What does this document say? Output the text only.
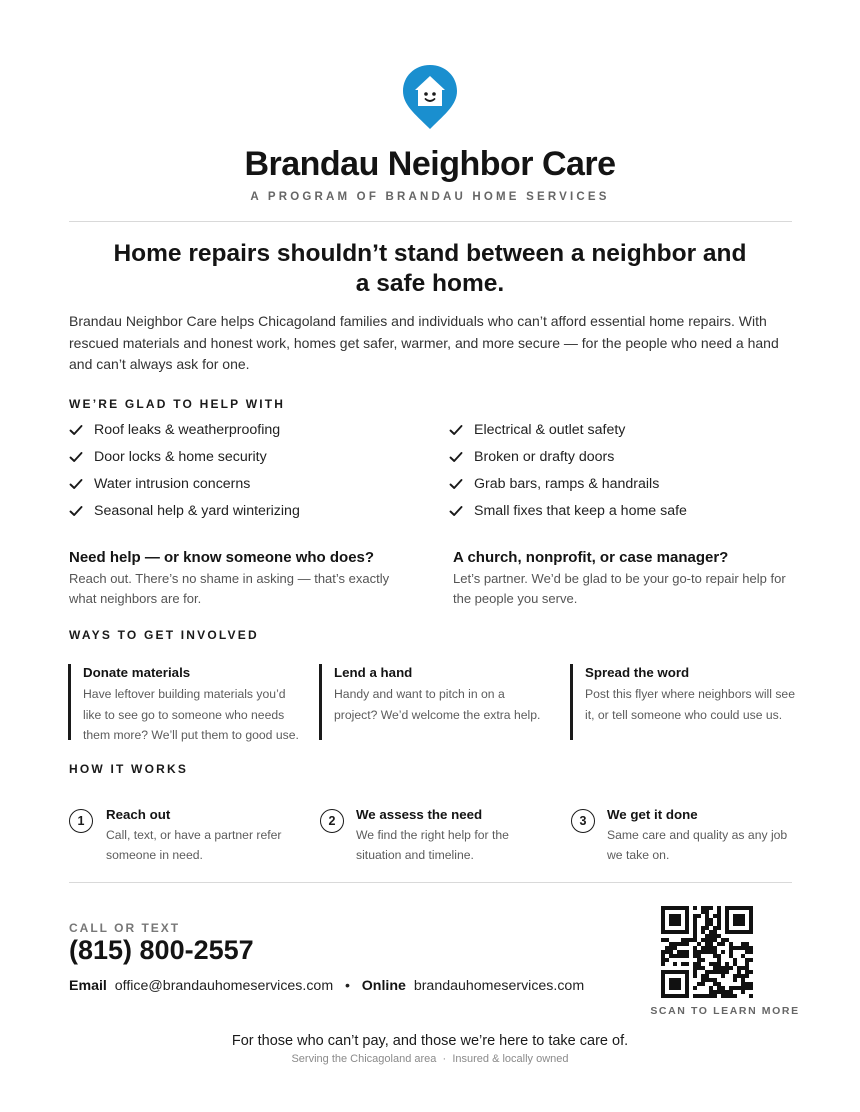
Brandau Neighbor Care
A PROGRAM OF BRANDAU HOME SERVICES
Home repairs shouldn’t stand between a neighbor and
a safe home.
Brandau Neighbor Care helps Chicagoland families and individuals who can’t afford essential home repairs. With rescued materials and honest work, homes get safer, warmer, and more secure — for the people who need a hand and can’t always ask for one.
WE’RE GLAD TO HELP WITH
Roof leaks & weatherproofing
Door locks & home security
Water intrusion concerns
Seasonal help & yard winterizing
Electrical & outlet safety
Broken or drafty doors
Grab bars, ramps & handrails
Small fixes that keep a home safe
Need help — or know someone who does?
Reach out. There’s no shame in asking — that’s exactly
what neighbors are for.
A church, nonprofit, or case manager?
Let’s partner. We’d be glad to be your go-to repair help for
the people you serve.
WAYS TO GET INVOLVED
Donate materials
Have leftover building materials you’d
like to see go to someone who needs
them more? We’ll put them to good use.
Lend a hand
Handy and want to pitch in on a
project? We’d welcome the extra help.
Spread the word
Post this flyer where neighbors will see
it, or tell someone who could use us.
HOW IT WORKS
1	Reach out
Call, text, or have a partner refer
someone in need.
2	We assess the need
We find the right help for the
situation and timeline.
3	We get it done
Same care and quality as any job
we take on.
CALL OR TEXT
(815) 800-2557
Email office@brandauhomeservices.com • Online brandauhomeservices.com
SCAN TO LEARN MORE
For those who can’t pay, and those we’re here to take care of.
Serving the Chicagoland area · Insured & locally owned
